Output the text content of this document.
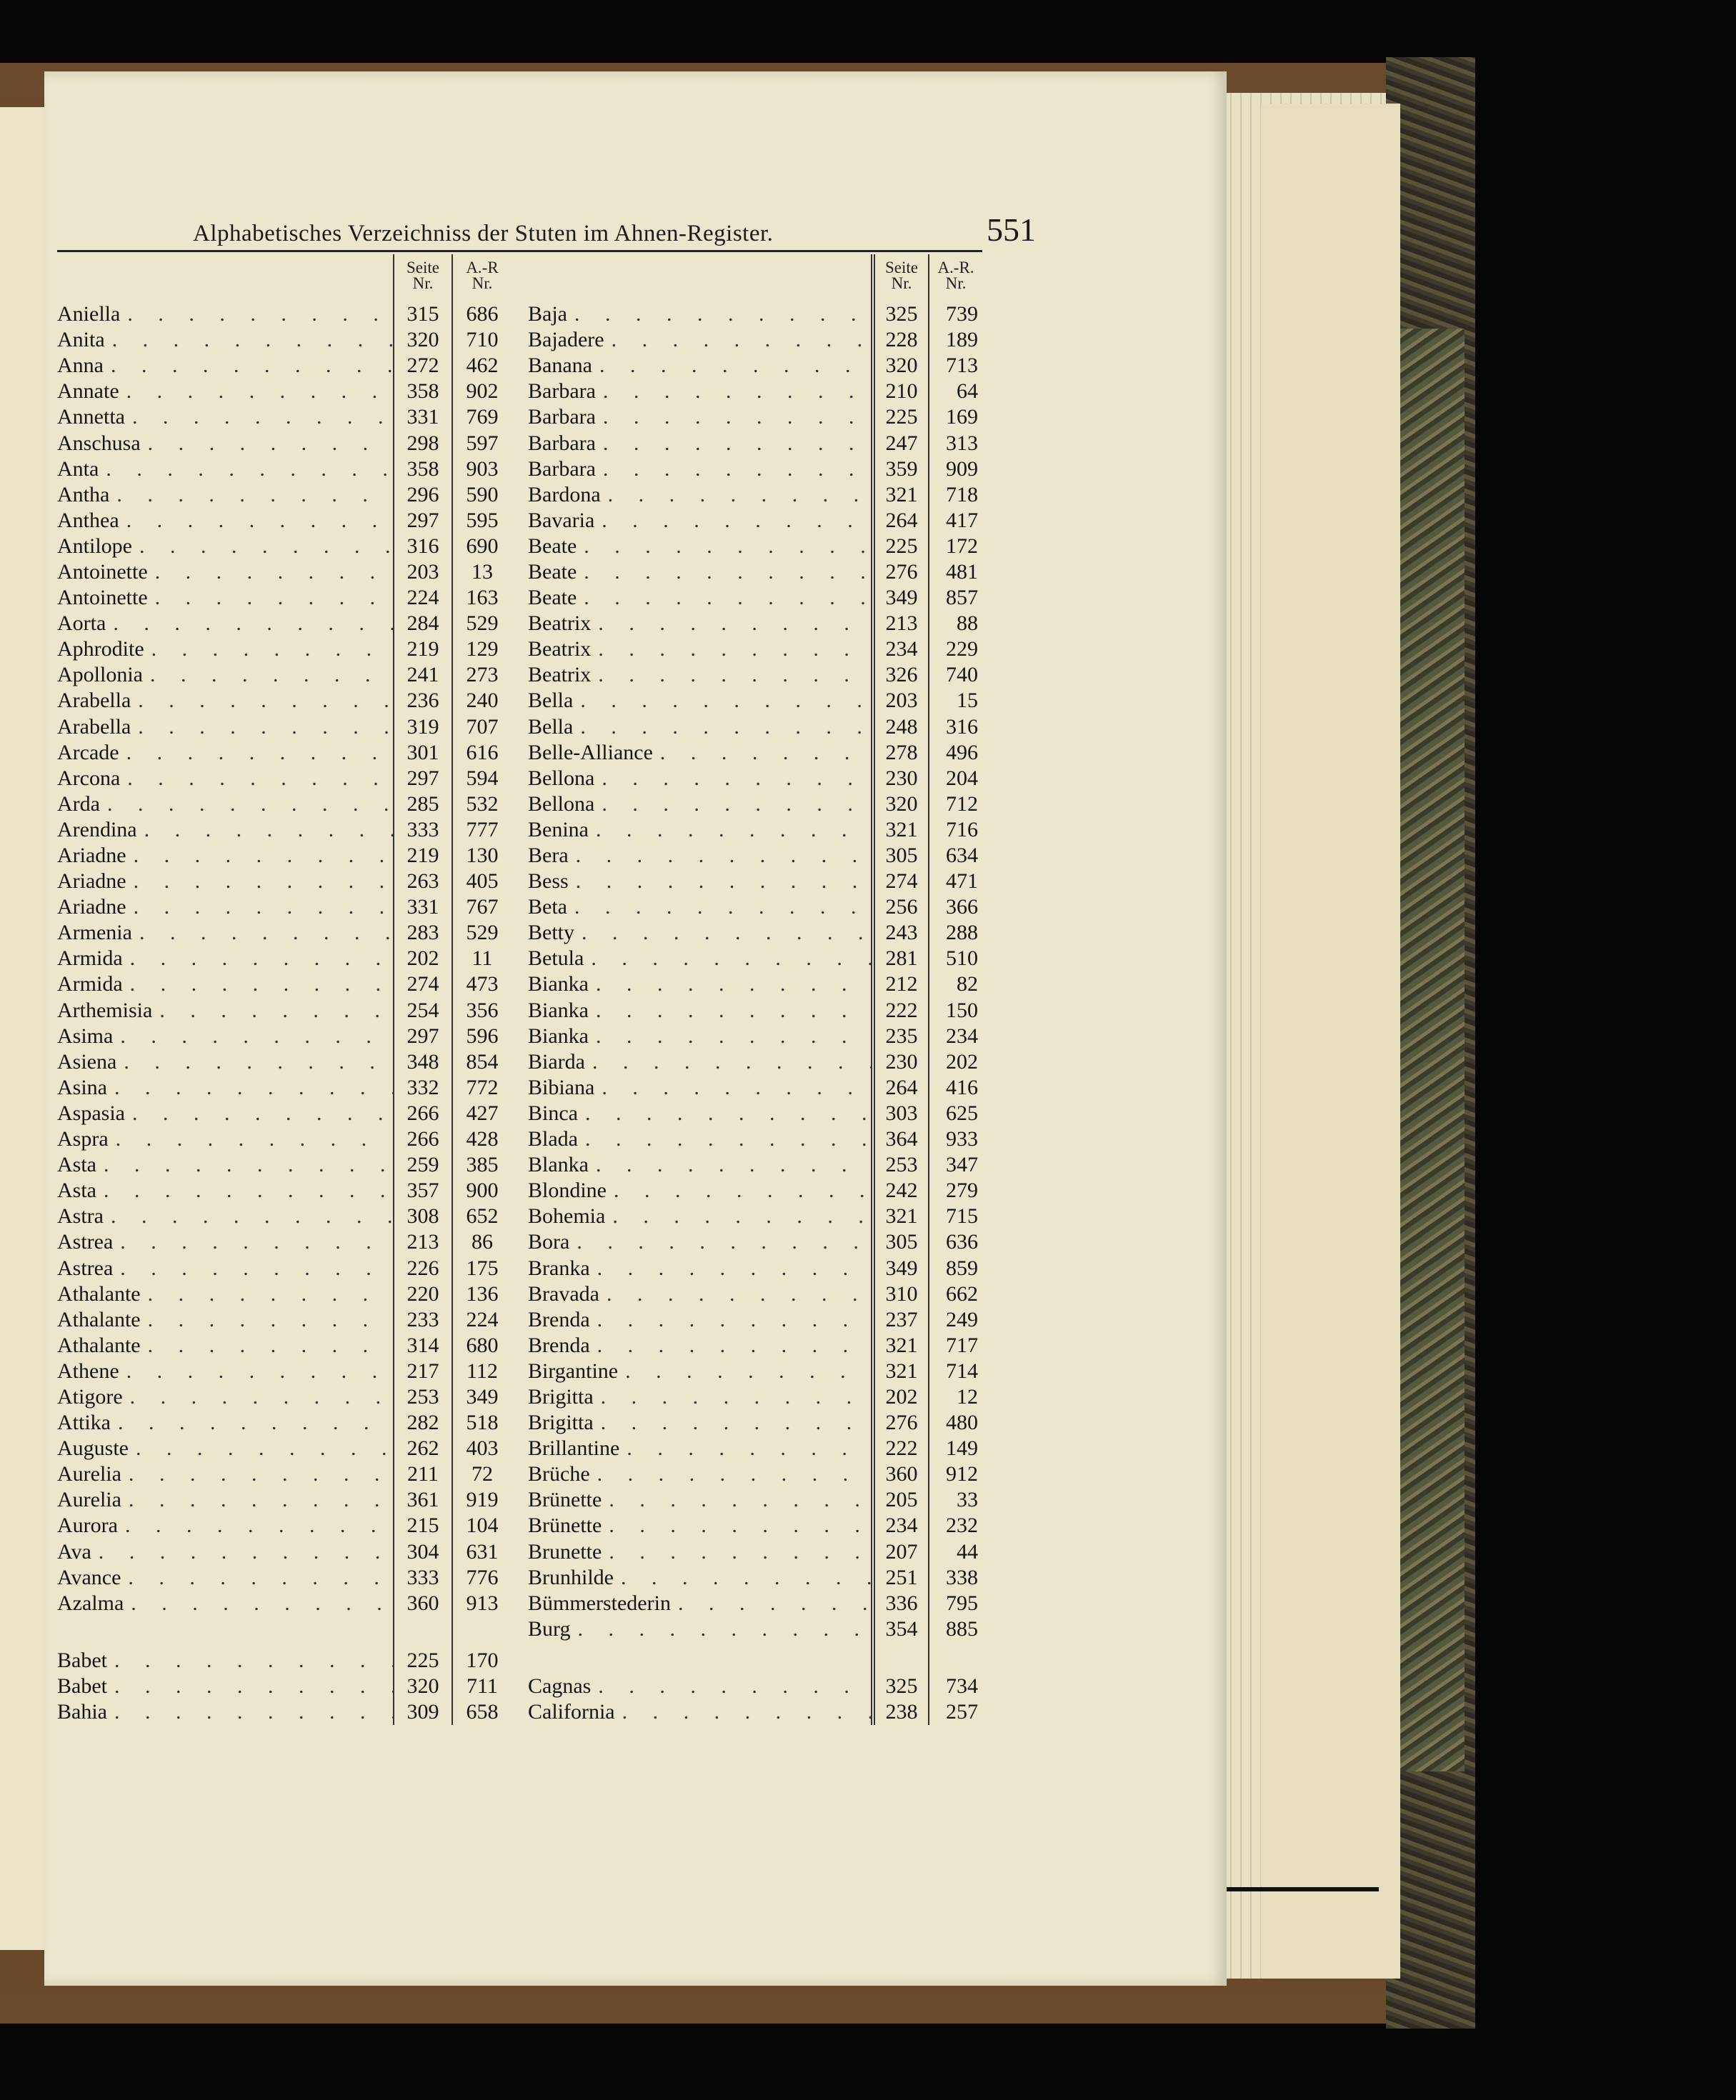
Alphabetisches Verzeichniss der Stuten im Ahnen-Register.	551
Seite
Nr.
A.-R
Nr.
Aniella . . .	315	686
Anita . . .	320	710
Anna . . .	272	462
Annate . . .	358	902
Annetta . . .	331	769
Anschusa . . .	298	597
Anta . . .	358	903
Antha . . .	296	590
Anthea . . .	297	595
Antilope . . .	316	690
Antoinette . . .	203	13
Antoinette . . .	224	163
Aorta . . .	284	529
Aphrodite . . .	219	129
Apollonia . . .	241	273
Arabella . . .	236	240
Arabella . . .	319	707
Arcade . . .	301	616
Arcona . . .	297	594
Arda . . .	285	532
Arendina . . .	333	777
Ariadne . . .	219	130
Ariadne . . .	263	405
Ariadne . . .	331	767
Armenia . . .	283	529
Armida . . .	202	11
Armida . . .	274	473
Arthemisia . . .	254	356
Asima . . .	297	596
Asiena . . .	348	854
Asina . . .	332	772
Aspasia . . .	266	427
Aspra . . .	266	428
Asta . . .	259	385
Asta . . .	357	900
Astra . . .	308	652
Astrea . . .	213	86
Astrea . . .	226	175
Athalante . . .	220	136
Athalante . . .	233	224
Athalante . . .	314	680
Athene . . .	217	112
Atigore . . .	253	349
Attika . . .	282	518
Auguste . . .	262	403
Aurelia . . .	211	72
Aurelia . . .	361	919
Aurora . . .	215	104
Ava . . .	304	631
Avance . . .	333	776
Azalma . . .	360	913
Babet . . .	225	170
Babet . . .	320	711
Bahia . . .	309	658
Seite
Nr.
A.-R.
Nr.
Baja . . .	325	739
Bajadere . . .	228	189
Banana . . .	320	713
Barbara . . .	210	64
Barbara . . .	225	169
Barbara . . .	247	313
Barbara . . .	359	909
Bardona . . .	321	718
Bavaria . . .	264	417
Beate . . .	225	172
Beate . . .	276	481
Beate . . .	349	857
Beatrix . . .	213	88
Beatrix . . .	234	229
Beatrix . . .	326	740
Bella . . .	203	15
Bella . . .	248	316
Belle-Alliance . . .	278	496
Bellona . . .	230	204
Bellona . . .	320	712
Benina . . .	321	716
Bera . . .	305	634
Bess . . .	274	471
Beta . . .	256	366
Betty . . .	243	288
Betula . . .	281	510
Bianka . . .	212	82
Bianka . . .	222	150
Bianka . . .	235	234
Biarda . . .	230	202
Bibiana . . .	264	416
Binca . . .	303	625
Blada . . .	364	933
Blanka . . .	253	347
Blondine . . .	242	279
Bohemia . . .	321	715
Bora . . .	305	636
Branka . . .	349	859
Bravada . . .	310	662
Brenda . . .	237	249
Brenda . . .	321	717
Birgantine . . .	321	714
Brigitta . . .	202	12
Brigitta . . .	276	480
Brillantine . . .	222	149
Brüche . . .	360	912
Brünette . . .	205	33
Brünette . . .	234	232
Brunette . . .	207	44
Brunhilde . . .	251	338
Bümmerstederin . . .	336	795
Burg . . .	354	885
Cagnas . . .	325	734
California . . .	238	257
